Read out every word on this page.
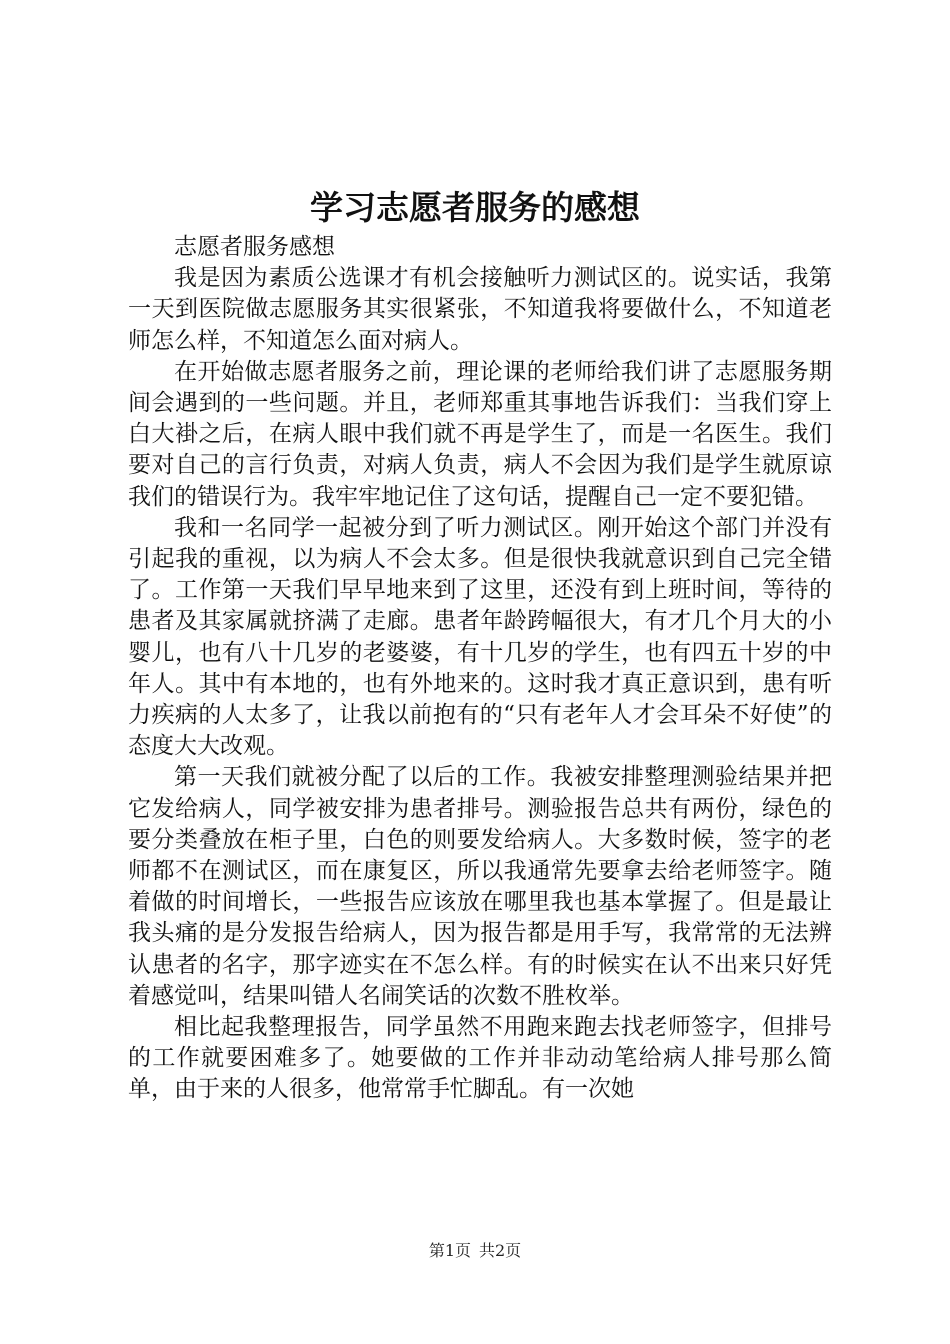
学习志愿者服务的感想

志愿者服务感想

我是因为素质公选课才有机会接触听力测试区的。说实话，我第一天到医院做志愿服务其实很紧张，不知道我将要做什么，不知道老师怎么样，不知道怎么面对病人。

在开始做志愿者服务之前，理论课的老师给我们讲了志愿服务期间会遇到的一些问题。并且，老师郑重其事地告诉我们：当我们穿上白大褂之后，在病人眼中我们就不再是学生了，而是一名医生。我们要对自己的言行负责，对病人负责，病人不会因为我们是学生就原谅我们的错误行为。我牢牢地记住了这句话，提醒自己一定不要犯错。

我和一名同学一起被分到了听力测试区。刚开始这个部门并没有引起我的重视，以为病人不会太多。但是很快我就意识到自己完全错了。工作第一天我们早早地来到了这里，还没有到上班时间，等待的患者及其家属就挤满了走廊。患者年龄跨幅很大，有才几个月大的小婴儿，也有八十几岁的老婆婆，有十几岁的学生，也有四五十岁的中年人。其中有本地的，也有外地来的。这时我才真正意识到，患有听力疾病的人太多了，让我以前抱有的“只有老年人才会耳朵不好使”的态度大大改观。

第一天我们就被分配了以后的工作。我被安排整理测验结果并把它发给病人，同学被安排为患者排号。测验报告总共有两份，绿色的要分类叠放在柜子里，白色的则要发给病人。大多数时候，签字的老师都不在测试区，而在康复区，所以我通常先要拿去给老师签字。随着做的时间增长，一些报告应该放在哪里我也基本掌握了。但是最让我头痛的是分发报告给病人，因为报告都是用手写，我常常的无法辨认患者的名字，那字迹实在不怎么样。有的时候实在认不出来只好凭着感觉叫，结果叫错人名闹笑话的次数不胜枚举。

相比起我整理报告，同学虽然不用跑来跑去找老师签字，但排号的工作就要困难多了。她要做的工作并非动动笔给病人排号那么简单，由于来的人很多，他常常手忙脚乱。有一次她

第1页 共2页
